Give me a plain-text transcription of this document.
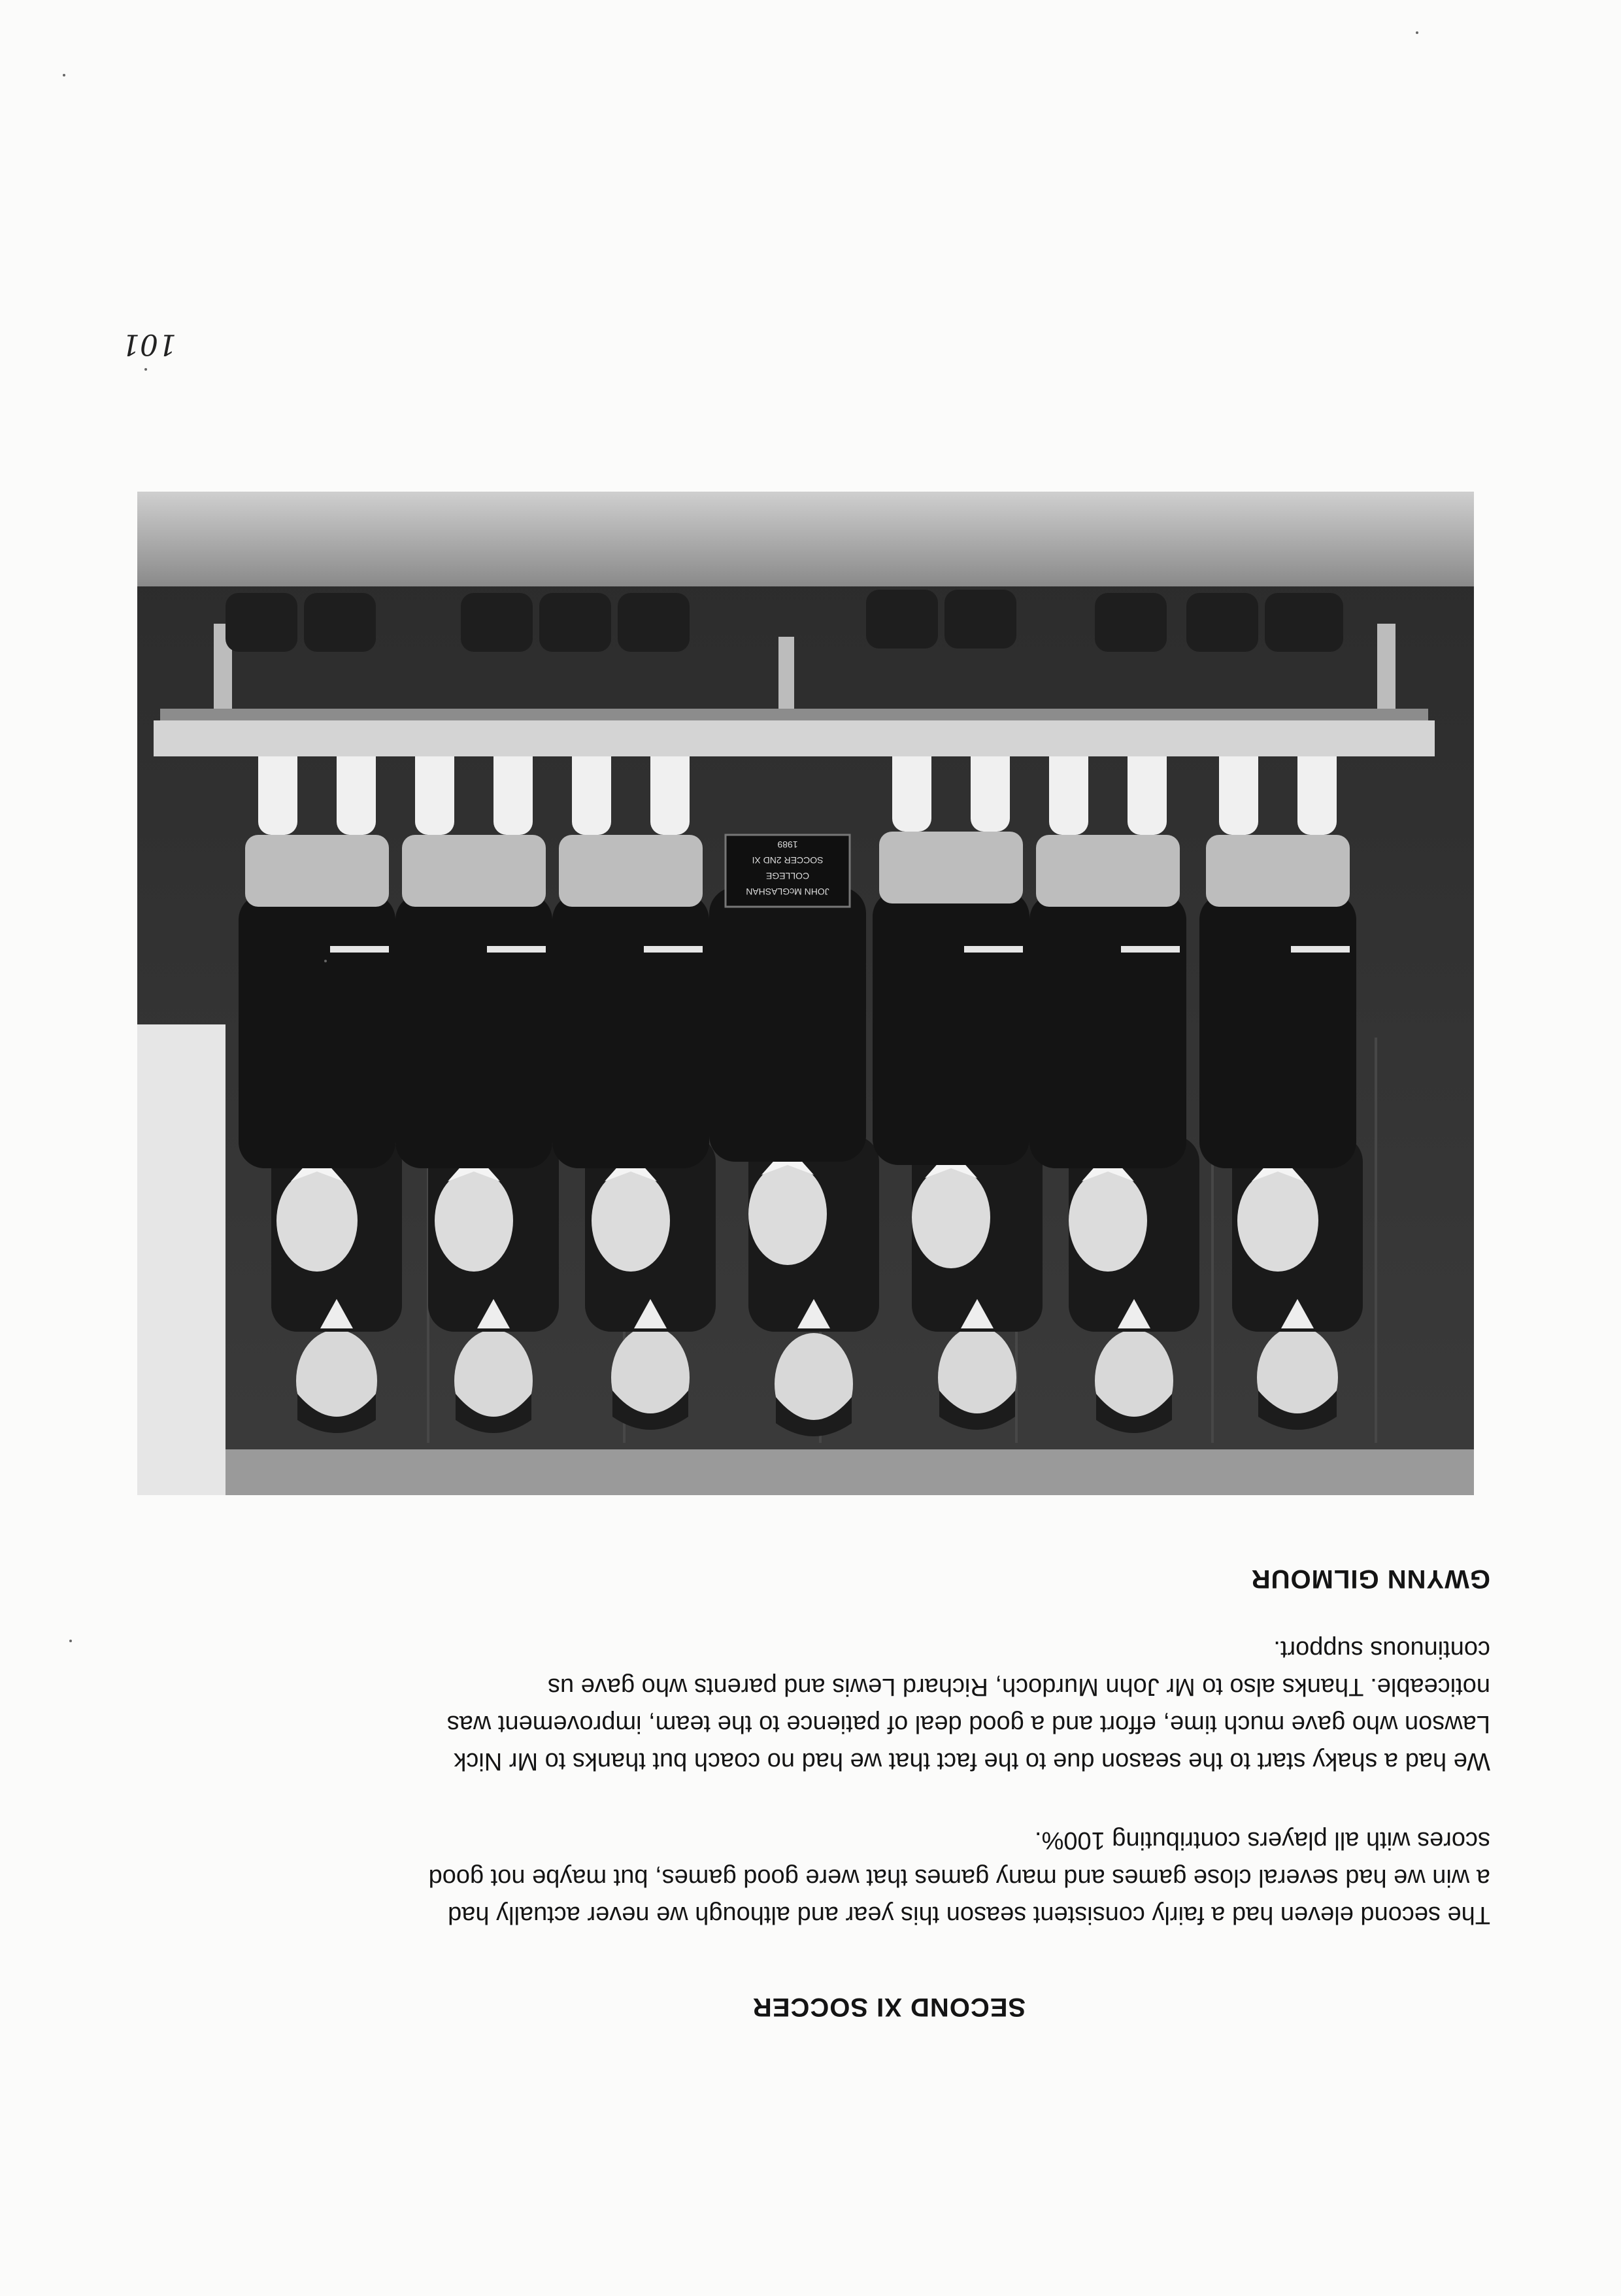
SECOND XI SOCCER

The second eleven had a fairly consistent season this year and although we never actually had
a win we had several close games and many games that were good games, but maybe not good
scores with all players contributing 100%.

We had a shaky start to the season due to the fact that we had no coach but thanks to Mr Nick
Lawson who gave much time, effort and a good deal of patience to the team, improvement was
noticeable. Thanks also to Mr John Murdoch, Richard Lewis and parents who gave us
continuous support.

GWYNN GILMOUR
JOHN McGLASHAN
COLLEGE
SOCCER 2ND XI
1989
101
